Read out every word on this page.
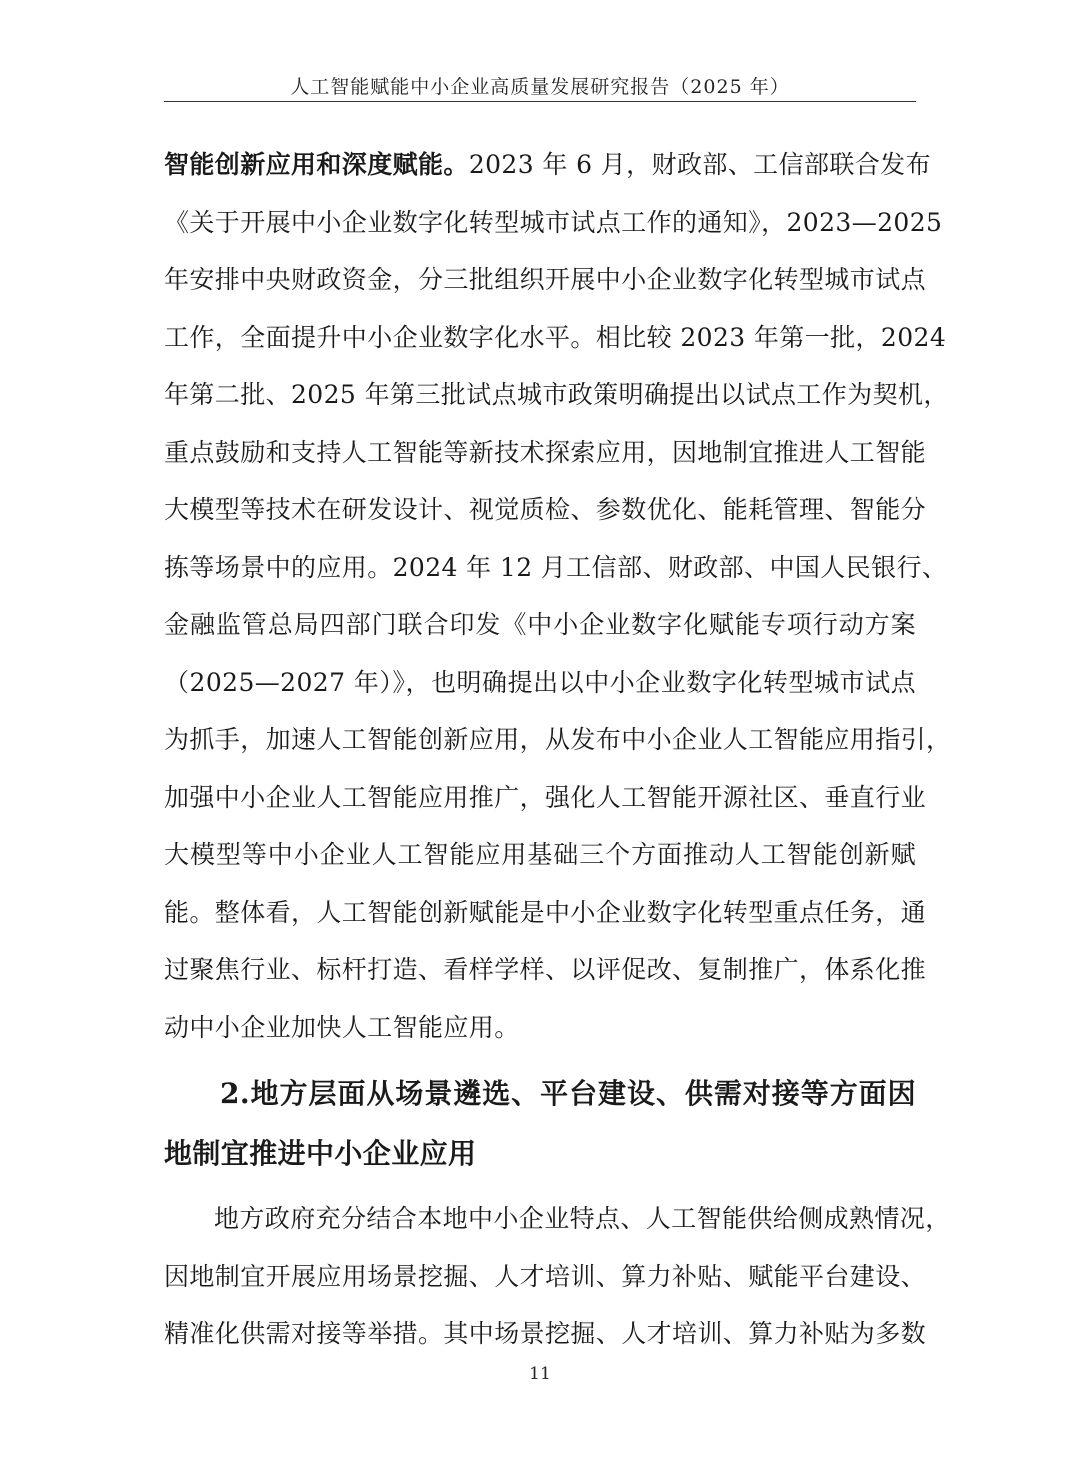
人工智能赋能中小企业高质量发展研究报告（2025 年）
智能创新应用和深度赋能。2023 年 6 月，财政部、工信部联合发布
《关于开展中小企业数字化转型城市试点工作的通知》，2023—2025
年安排中央财政资金，分三批组织开展中小企业数字化转型城市试点
工作，全面提升中小企业数字化水平。相比较 2023 年第一批，2024
年第二批、2025 年第三批试点城市政策明确提出以试点工作为契机，
重点鼓励和支持人工智能等新技术探索应用，因地制宜推进人工智能
大模型等技术在研发设计、视觉质检、参数优化、能耗管理、智能分
拣等场景中的应用。2024 年 12 月工信部、财政部、中国人民银行、
金融监管总局四部门联合印发《中小企业数字化赋能专项行动方案
（2025—2027 年）》，也明确提出以中小企业数字化转型城市试点
为抓手，加速人工智能创新应用，从发布中小企业人工智能应用指引，
加强中小企业人工智能应用推广，强化人工智能开源社区、垂直行业
大模型等中小企业人工智能应用基础三个方面推动人工智能创新赋
能。整体看，人工智能创新赋能是中小企业数字化转型重点任务，通
过聚焦行业、标杆打造、看样学样、以评促改、复制推广，体系化推
动中小企业加快人工智能应用。
2.地方层面从场景遴选、平台建设、供需对接等方面因
地制宜推进中小企业应用
地方政府充分结合本地中小企业特点、人工智能供给侧成熟情况，
因地制宜开展应用场景挖掘、人才培训、算力补贴、赋能平台建设、
精准化供需对接等举措。其中场景挖掘、人才培训、算力补贴为多数
11
